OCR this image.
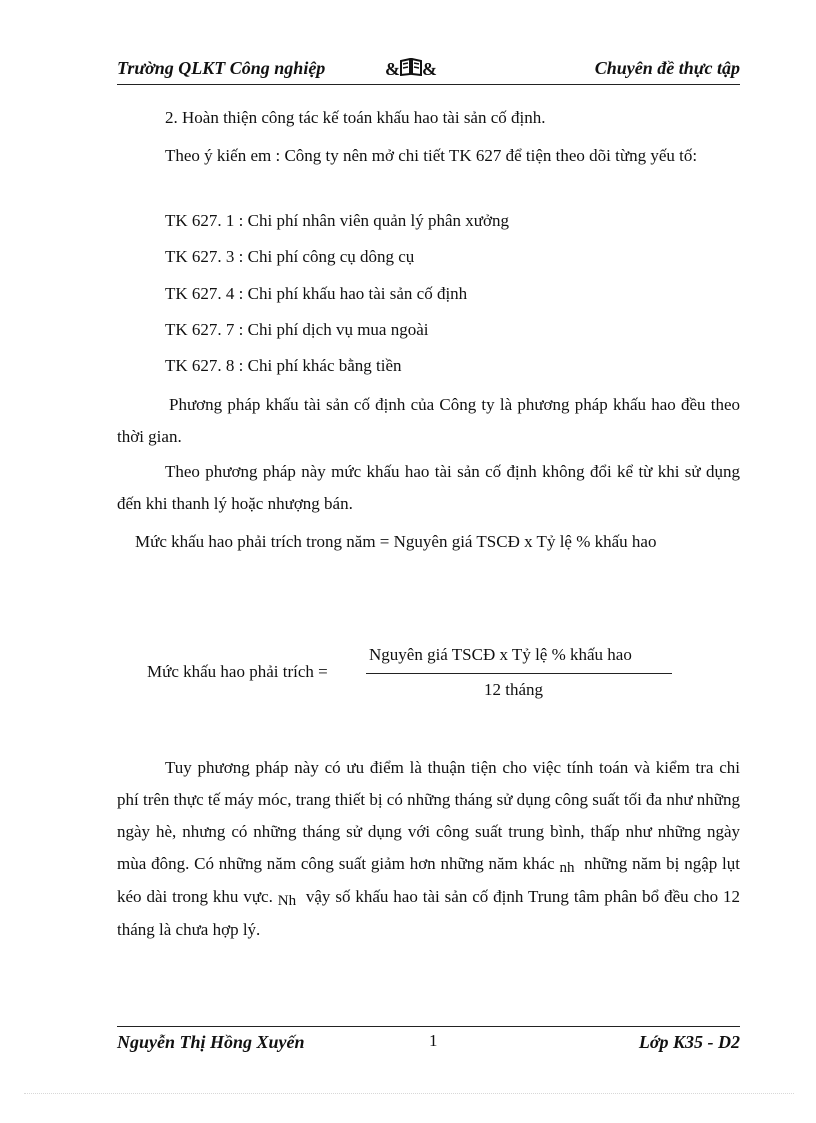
Trường QLKT Công nghiệp	& &	Chuyên đề thực tập

2. Hoàn thiện công tác kế toán khấu hao tài sản cố định.

Theo ý kiến em : Công ty nên mở chi tiết TK 627 để tiện theo dõi từng yếu tố:

TK 627. 1 : Chi phí nhân viên quản lý phân xưởng
TK 627. 3 : Chi phí công cụ dông cụ
TK 627. 4 : Chi phí khấu hao tài sản cố định
TK 627. 7 : Chi phí dịch vụ mua ngoài
TK 627. 8 : Chi phí khác bằng tiền

Phương pháp khấu tài sản cố định của Công ty là phương pháp khấu hao đều theo thời gian.

Theo phương pháp này mức khấu hao tài sản cố định không đổi kể từ khi sử dụng đến khi thanh lý hoặc nhượng bán.

Mức khấu hao phải trích trong năm = Nguyên giá TSCĐ x Tỷ lệ % khấu hao
Mức khấu hao phải trích =
Nguyên giá TSCĐ x Tỷ lệ % khấu hao
12 tháng

Tuy phương pháp này có ưu điểm là thuận tiện cho việc tính toán và kiểm tra chi phí trên thực tế máy móc, trang thiết bị có những tháng sử dụng công suất tối đa như những ngày hè, nhưng có những tháng sử dụng với công suất trung bình, thấp như những ngày mùa đông. Có những năm công suất giảm hơn những năm khác nh những năm bị ngập lụt kéo dài trong khu vực. Nh vậy số khấu hao tài sản cố định Trung tâm phân bổ đều cho 12 tháng là chưa hợp lý.

Nguyễn Thị Hồng Xuyến	1	Lớp K35 - D2
